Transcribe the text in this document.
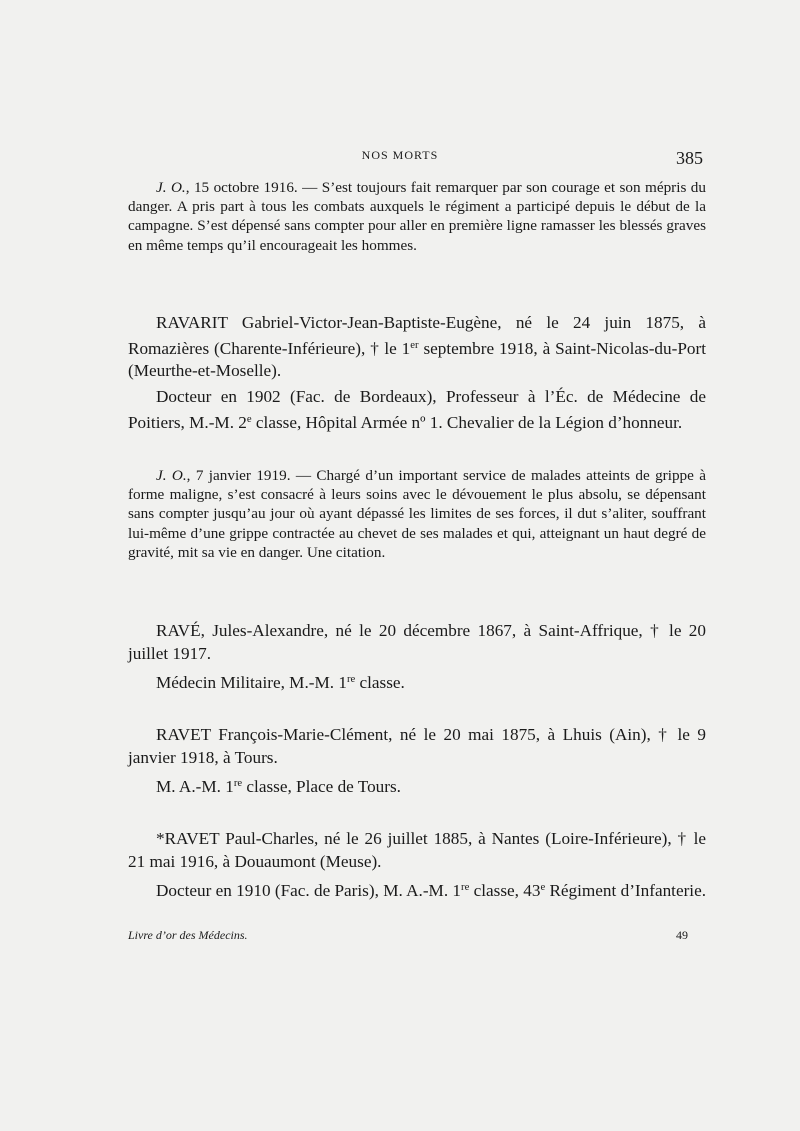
NOS MORTS	385

J. O., 15 octobre 1916. — S’est toujours fait remarquer par son courage et son mépris du danger. A pris part à tous les combats auxquels le régiment a participé depuis le début de la campagne. S’est dépensé sans compter pour aller en première ligne ramasser les blessés graves en même temps qu’il encourageait les hommes.

RAVARIT Gabriel-Victor-Jean-Baptiste-Eugène, né le 24 juin 1875, à Romazières (Charente-Inférieure), † le 1er septembre 1918, à Saint-Nicolas-du-Port (Meurthe-et-Moselle).

Docteur en 1902 (Fac. de Bordeaux), Professeur à l’Éc. de Médecine de Poitiers, M.-M. 2e classe, Hôpital Armée nº 1. Chevalier de la Légion d’honneur.

J. O., 7 janvier 1919. — Chargé d’un important service de malades atteints de grippe à forme maligne, s’est consacré à leurs soins avec le dévouement le plus absolu, se dépensant sans compter jusqu’au jour où ayant dépassé les limites de ses forces, il dut s’aliter, souffrant lui-même d’une grippe contractée au chevet de ses malades et qui, atteignant un haut degré de gravité, mit sa vie en danger. Une citation.

RAVÉ, Jules-Alexandre, né le 20 décembre 1867, à Saint-Affrique, † le 20 juillet 1917.

Médecin Militaire, M.-M. 1re classe.

RAVET François-Marie-Clément, né le 20 mai 1875, à Lhuis (Ain), † le 9 janvier 1918, à Tours.

M. A.-M. 1re classe, Place de Tours.

*RAVET Paul-Charles, né le 26 juillet 1885, à Nantes (Loire-Inférieure), † le 21 mai 1916, à Douaumont (Meuse).

Docteur en 1910 (Fac. de Paris), M. A.-M. 1re classe, 43e Régiment d’Infanterie.

Livre d’or des Médecins.	49
